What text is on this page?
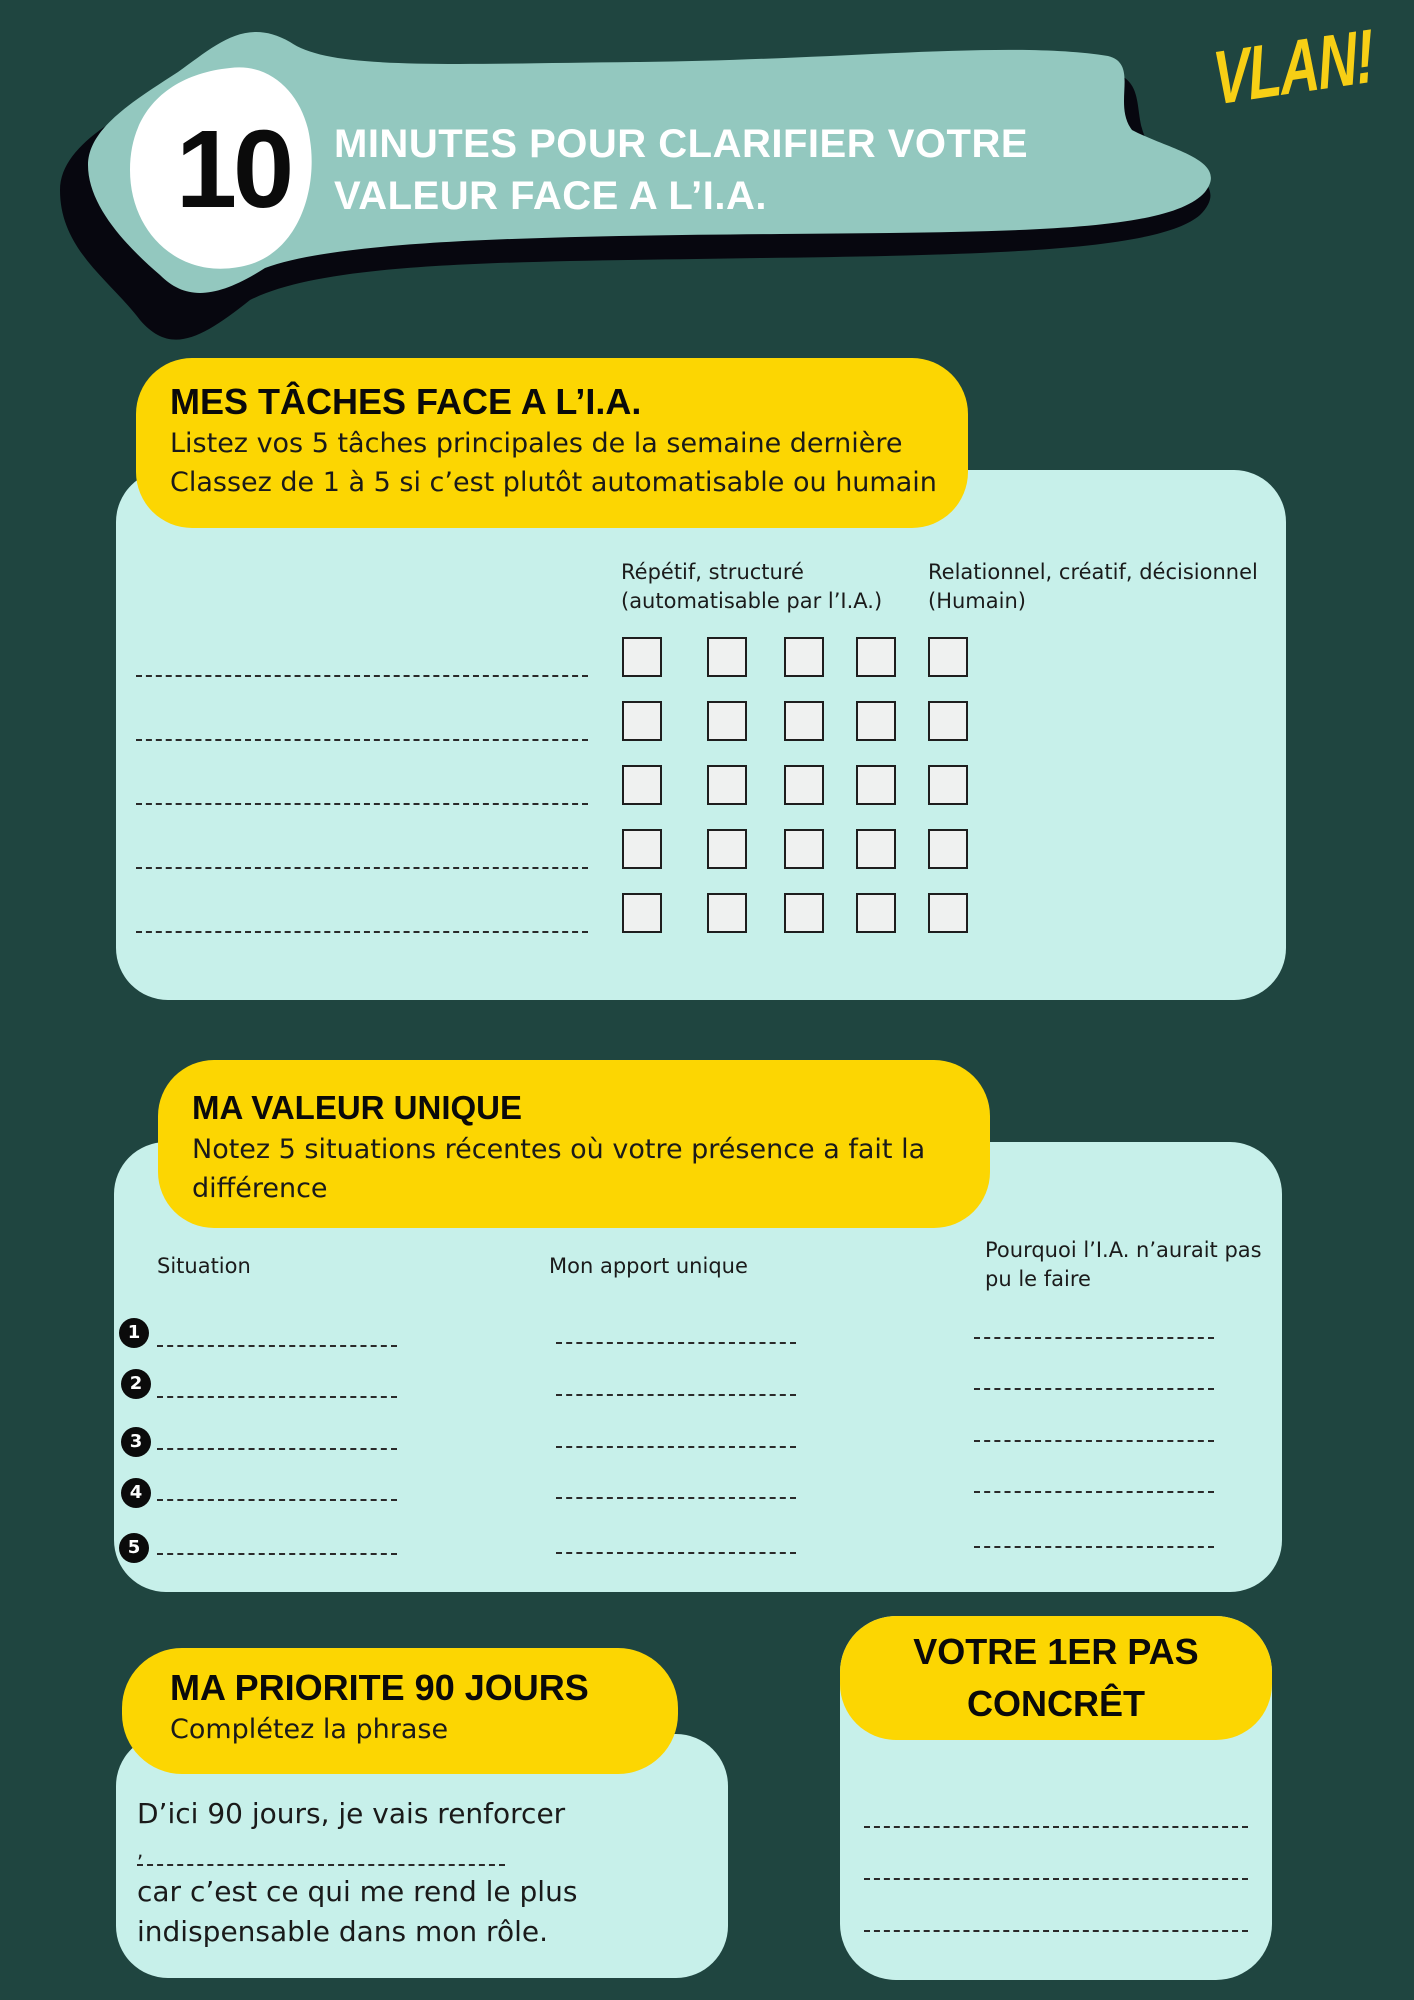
10	MINUTES POUR CLARIFIER VOTRE
VALEUR FACE A L’I.A.
VLAN!

MES TÂCHES FACE A L’I.A.

Listez vos 5 tâches principales de la semaine dernière

Classez de 1 à 5 si c’est plutôt automatisable ou humain

Répétif, structuré
(automatisable par l’I.A.)
Relationnel, créatif, décisionnel
(Humain)

MA VALEUR UNIQUE

Notez 5 situations récentes où votre présence a fait la

différence

Situation	Mon apport unique
Pourquoi l’I.A. n’aurait pas
pu le faire
1
2
3
4
5

MA PRIORITE 90 JOURS

Complétez la phrase

D’ici 90 jours, je vais renforcer
,
car c’est ce qui me rend le plus
indispensable dans mon rôle.
VOTRE 1ER PAS
CONCRÊT
